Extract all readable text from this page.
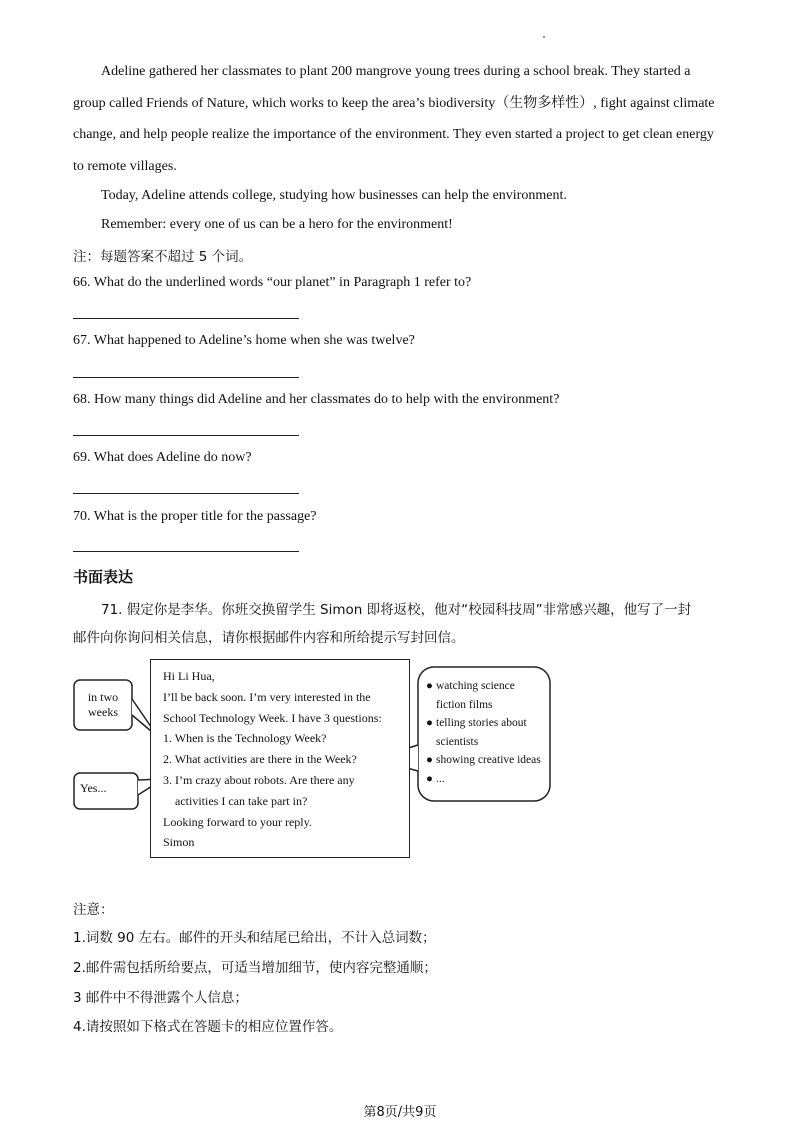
Adeline gathered her classmates to plant 200 mangrove young trees during a school break. They started a
group called Friends of Nature, which works to keep the area’s biodiversity（生物多样性）, fight against climate
change, and help people realize the importance of the environment. They even started a project to get clean energy
to remote villages.
Today, Adeline attends college, studying how businesses can help the environment.
Remember: every one of us can be a hero for the environment!
注：每题答案不超过 5 个词。
66. What do the underlined words “our planet” in Paragraph 1 refer to?
67. What happened to Adeline’s home when she was twelve?
68. How many things did Adeline and her classmates do to help with the environment?
69. What does Adeline do now?
70. What is the proper title for the passage?
书面表达
71. 假定你是李华。你班交换留学生 Simon 即将返校，他对“校园科技周”非常感兴趣，他写了一封
邮件向你询问相关信息，请你根据邮件内容和所给提示写封回信。
Hi Li Hua,
I’ll be back soon. I’m very interested in the
School Technology Week. I have 3 questions:
1. When is the Technology Week?
2. What activities are there in the Week?
3. I’m crazy about robots. Are there any
activities I can take part in?
Looking forward to your reply.
Simon
in two
weeks
Yes...
● watching science
fiction films
● telling stories about
scientists
● showing creative ideas
● ...
注意：
1.词数 90 左右。邮件的开头和结尾已给出，不计入总词数；
2.邮件需包括所给要点，可适当增加细节，使内容完整通顺；
3 邮件中不得泄露个人信息；
4.请按照如下格式在答题卡的相应位置作答。
第8页/共9页
